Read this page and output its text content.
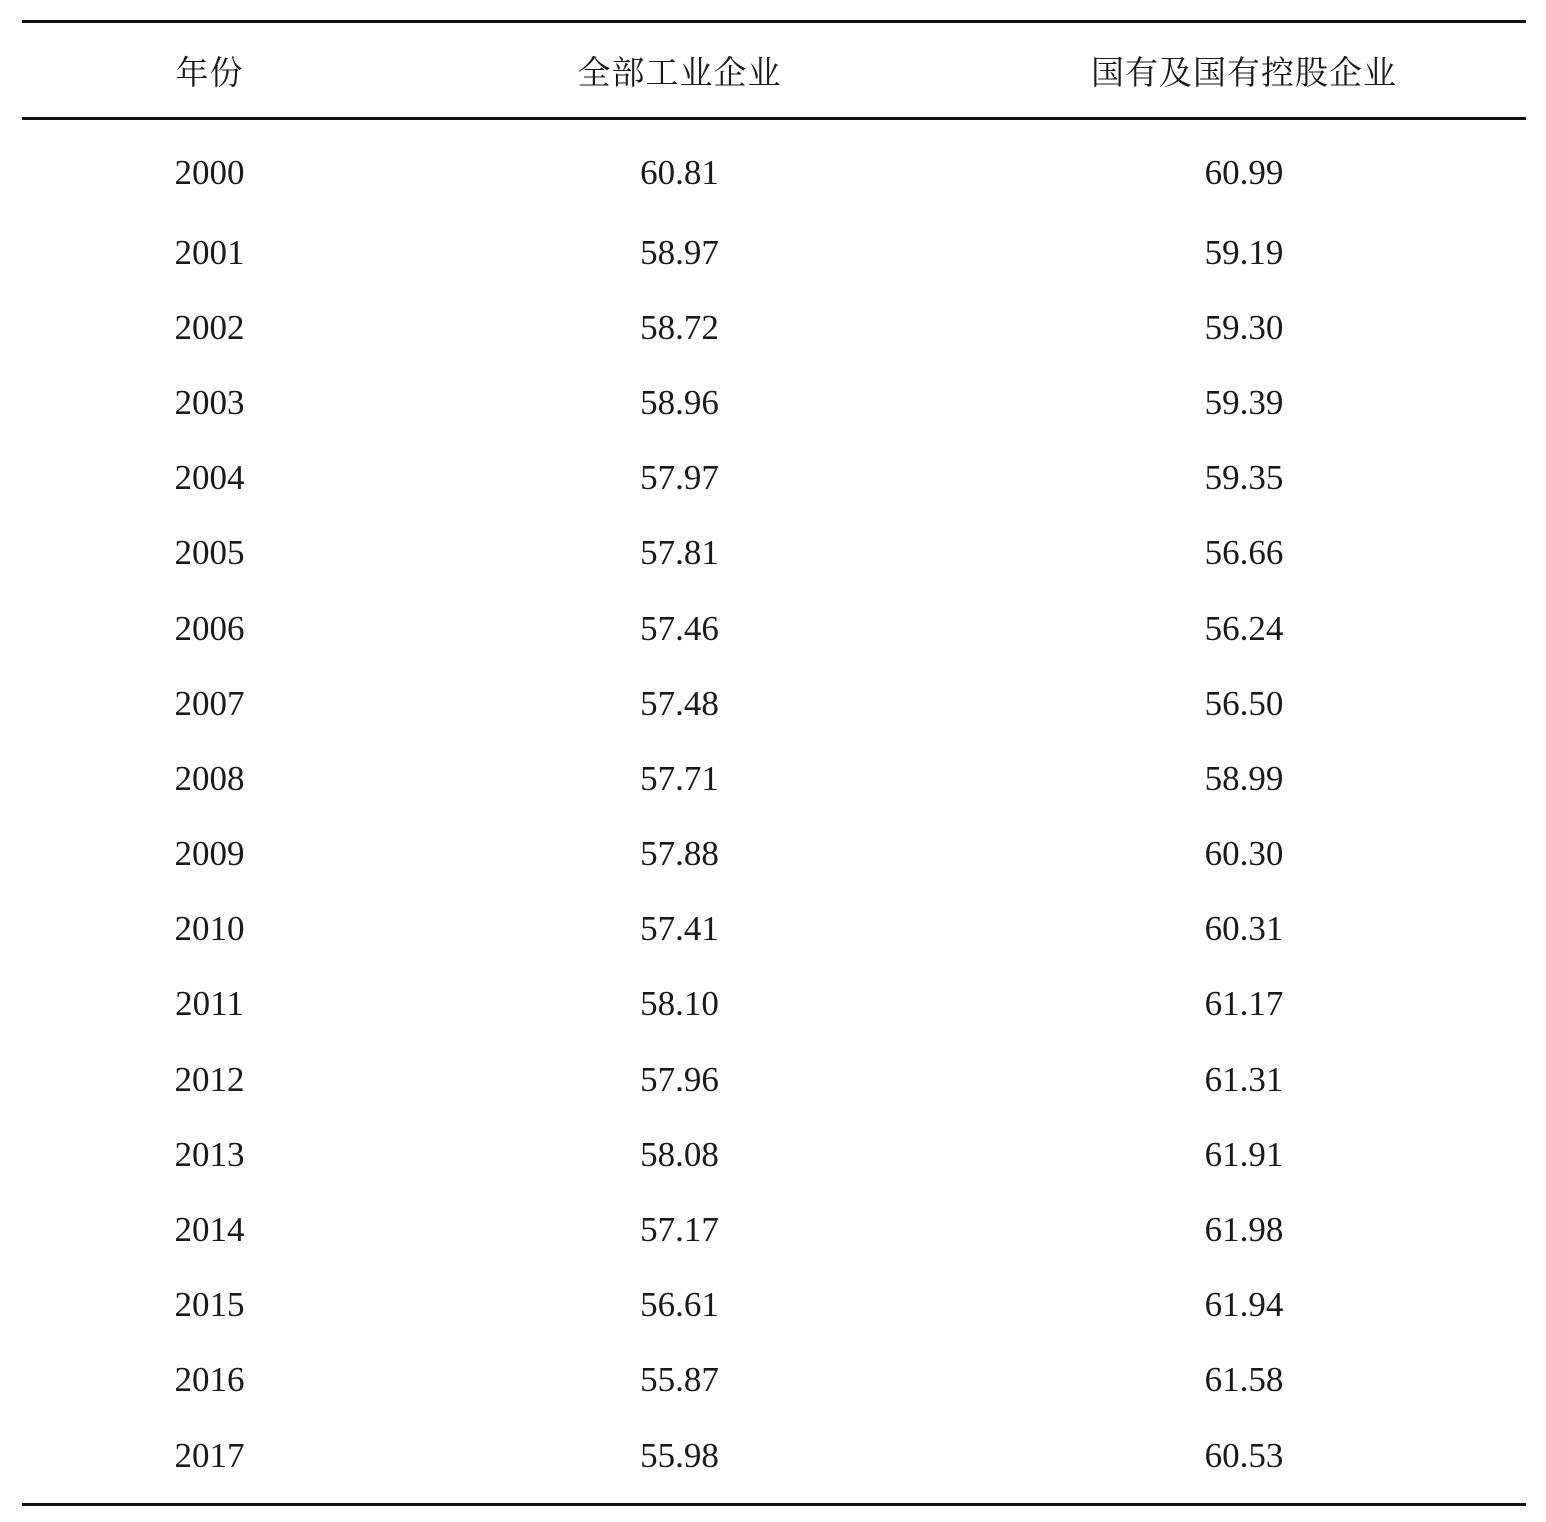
年份	全部工业企业	国有及国有控股企业
2000	60.81	60.99
2001	58.97	59.19
2002	58.72	59.30
2003	58.96	59.39
2004	57.97	59.35
2005	57.81	56.66
2006	57.46	56.24
2007	57.48	56.50
2008	57.71	58.99
2009	57.88	60.30
2010	57.41	60.31
2011	58.10	61.17
2012	57.96	61.31
2013	58.08	61.91
2014	57.17	61.98
2015	56.61	61.94
2016	55.87	61.58
2017	55.98	60.53
